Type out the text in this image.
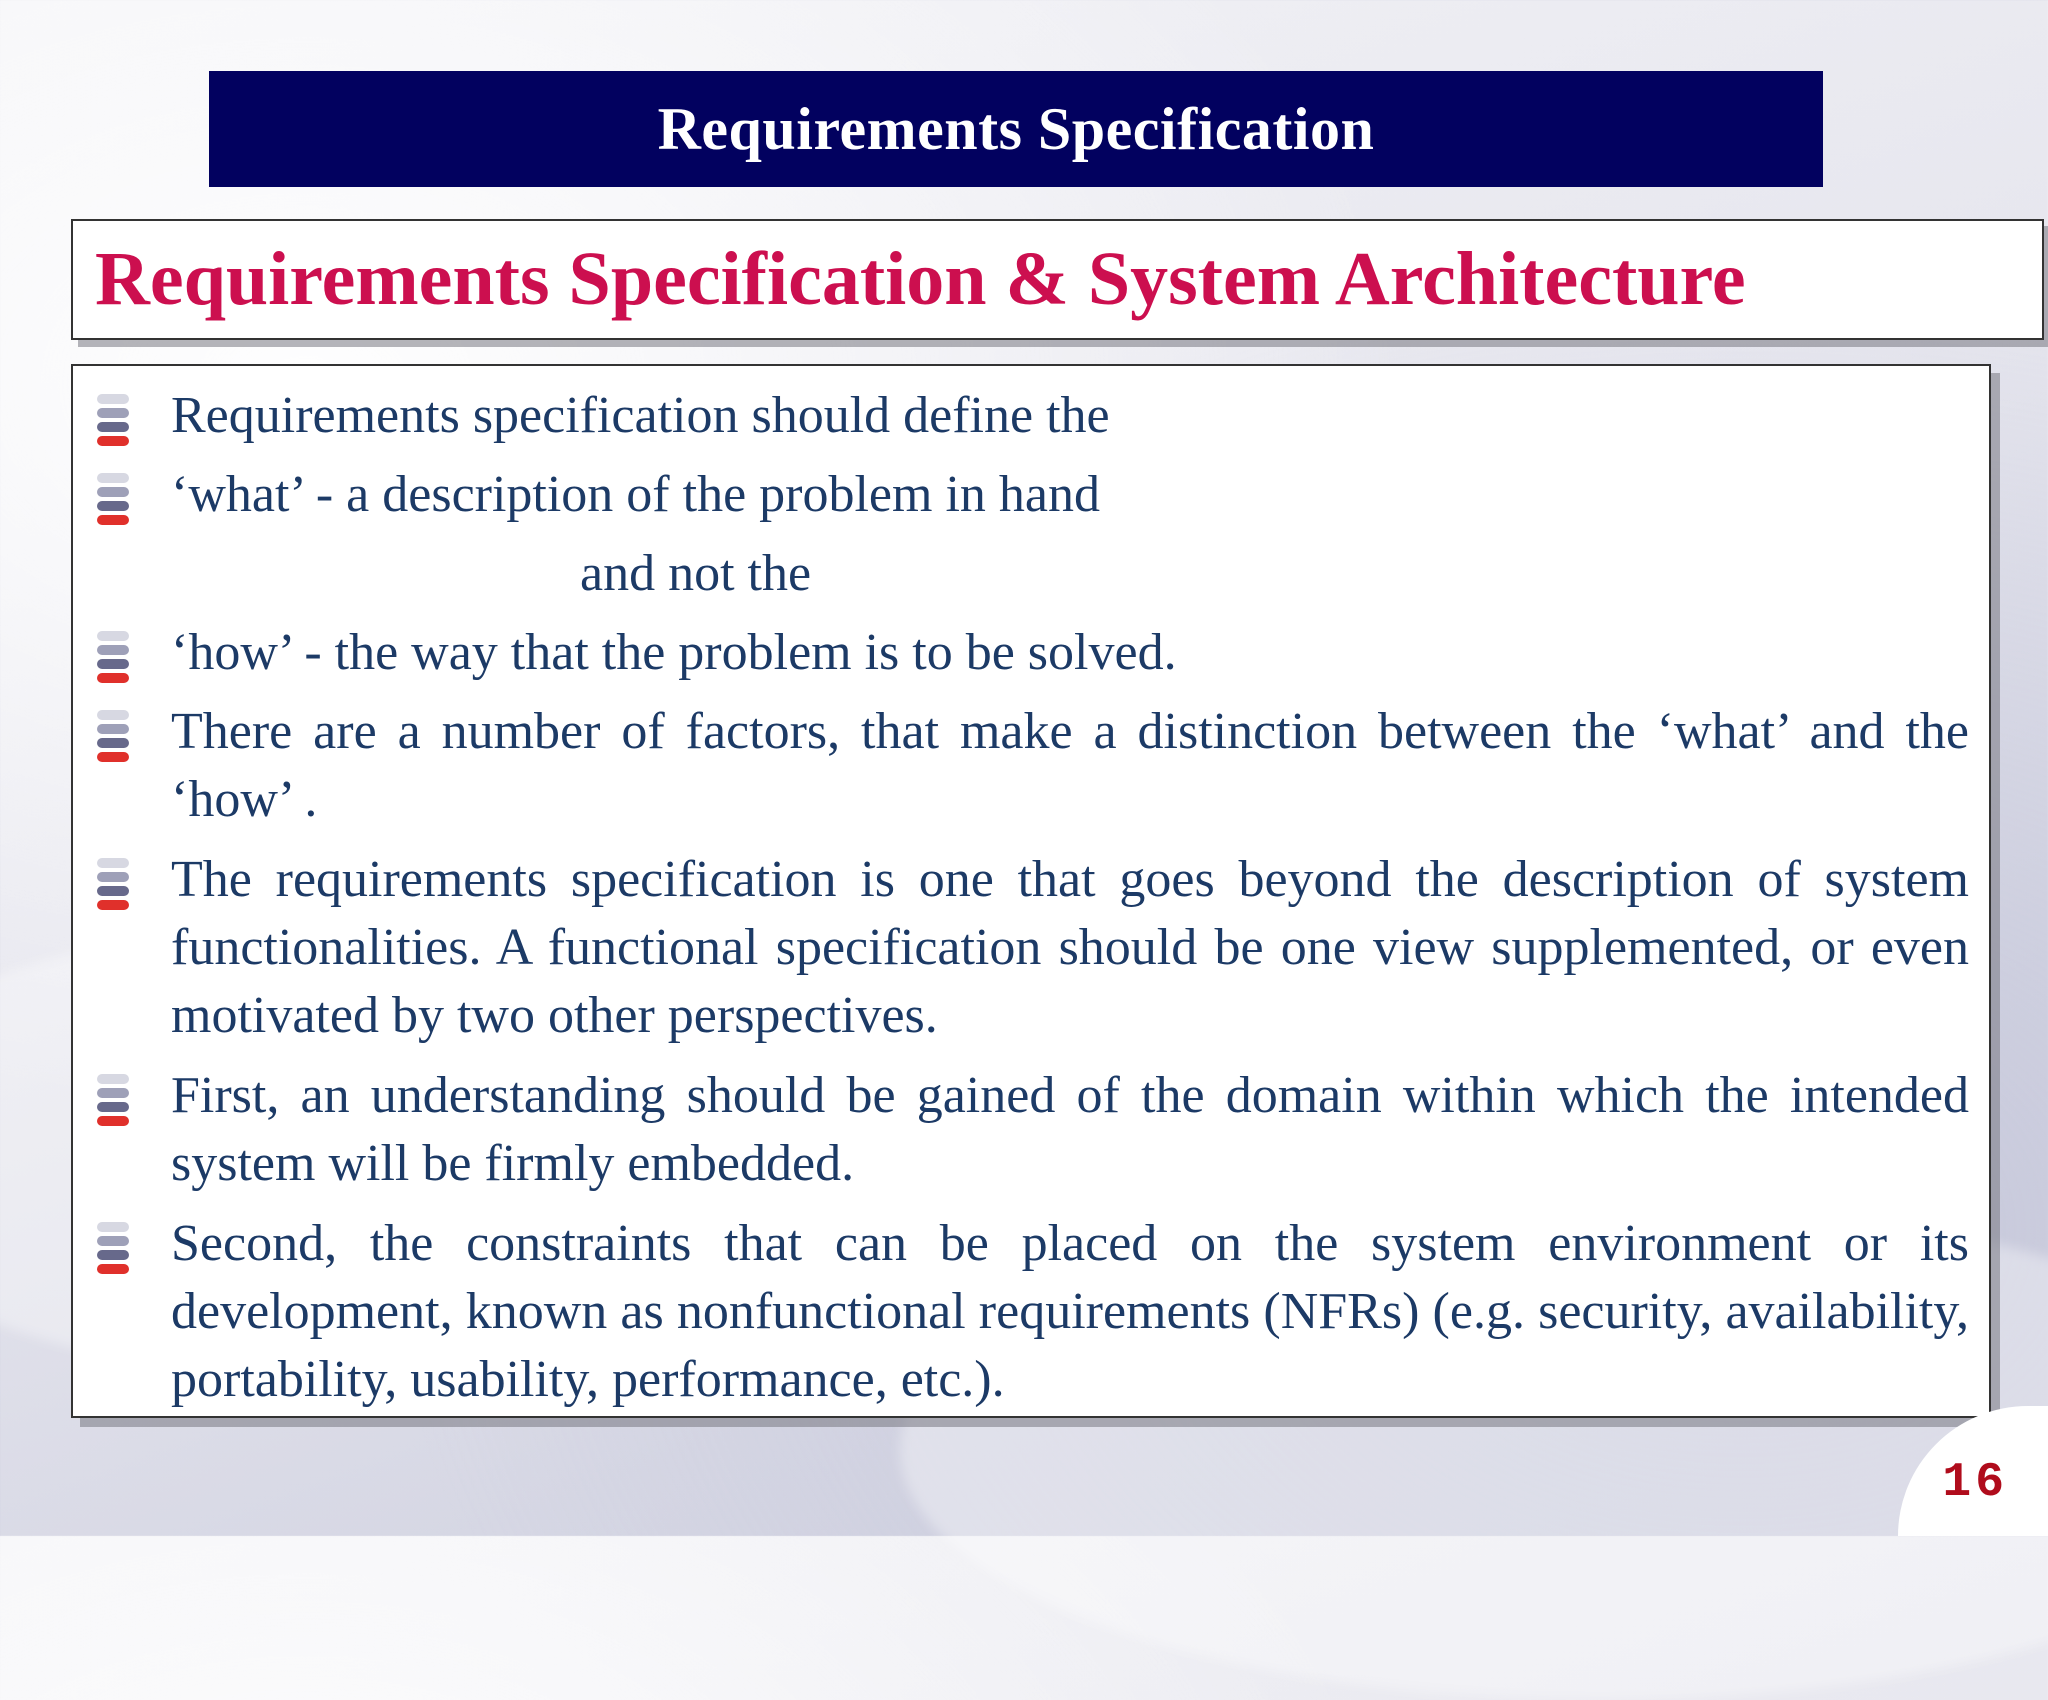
Requirements Specification
Requirements Specification & System Architecture
Requirements specification should define the
‘what’ - a description of the problem in hand
and not the
‘how’ - the way that the problem is to be solved.
There are a number of factors, that make a distinction between the ‘what’ and the ‘how’ .
The requirements specification is one that goes beyond the description of system functionalities. A functional specification should be one view supplemented, or even motivated by two other perspectives.
First, an understanding should be gained of the domain within which the intended system will be firmly embedded.
Second, the constraints that can be placed on the system environment or its development, known as nonfunctional requirements (NFRs) (e.g. security, availability, portability, usability, performance, etc.).
16
